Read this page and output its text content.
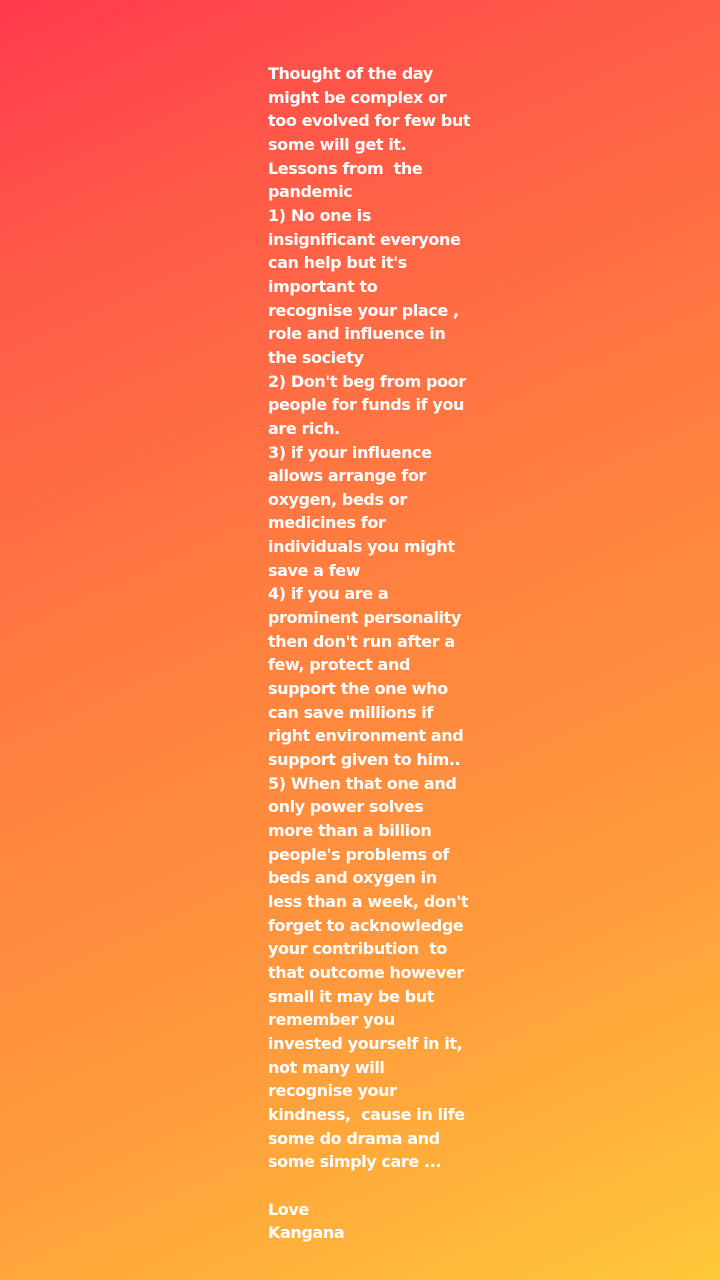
Thought of the day
might be complex or
too evolved for few but
some will get it.
Lessons from  the
pandemic
1) No one is
insignificant everyone
can help but it's
important to
recognise your place ,
role and influence in
the society
2) Don't beg from poor
people for funds if you
are rich.
3) if your influence
allows arrange for
oxygen, beds or
medicines for
individuals you might
save a few
4) if you are a
prominent personality
then don't run after a
few, protect and
support the one who
can save millions if
right environment and
support given to him..
5) When that one and
only power solves
more than a billion
people's problems of
beds and oxygen in
less than a week, don't
forget to acknowledge
your contribution  to
that outcome however
small it may be but
remember you
invested yourself in it,
not many will
recognise your
kindness,  cause in life
some do drama and
some simply care ...

Love
Kangana
